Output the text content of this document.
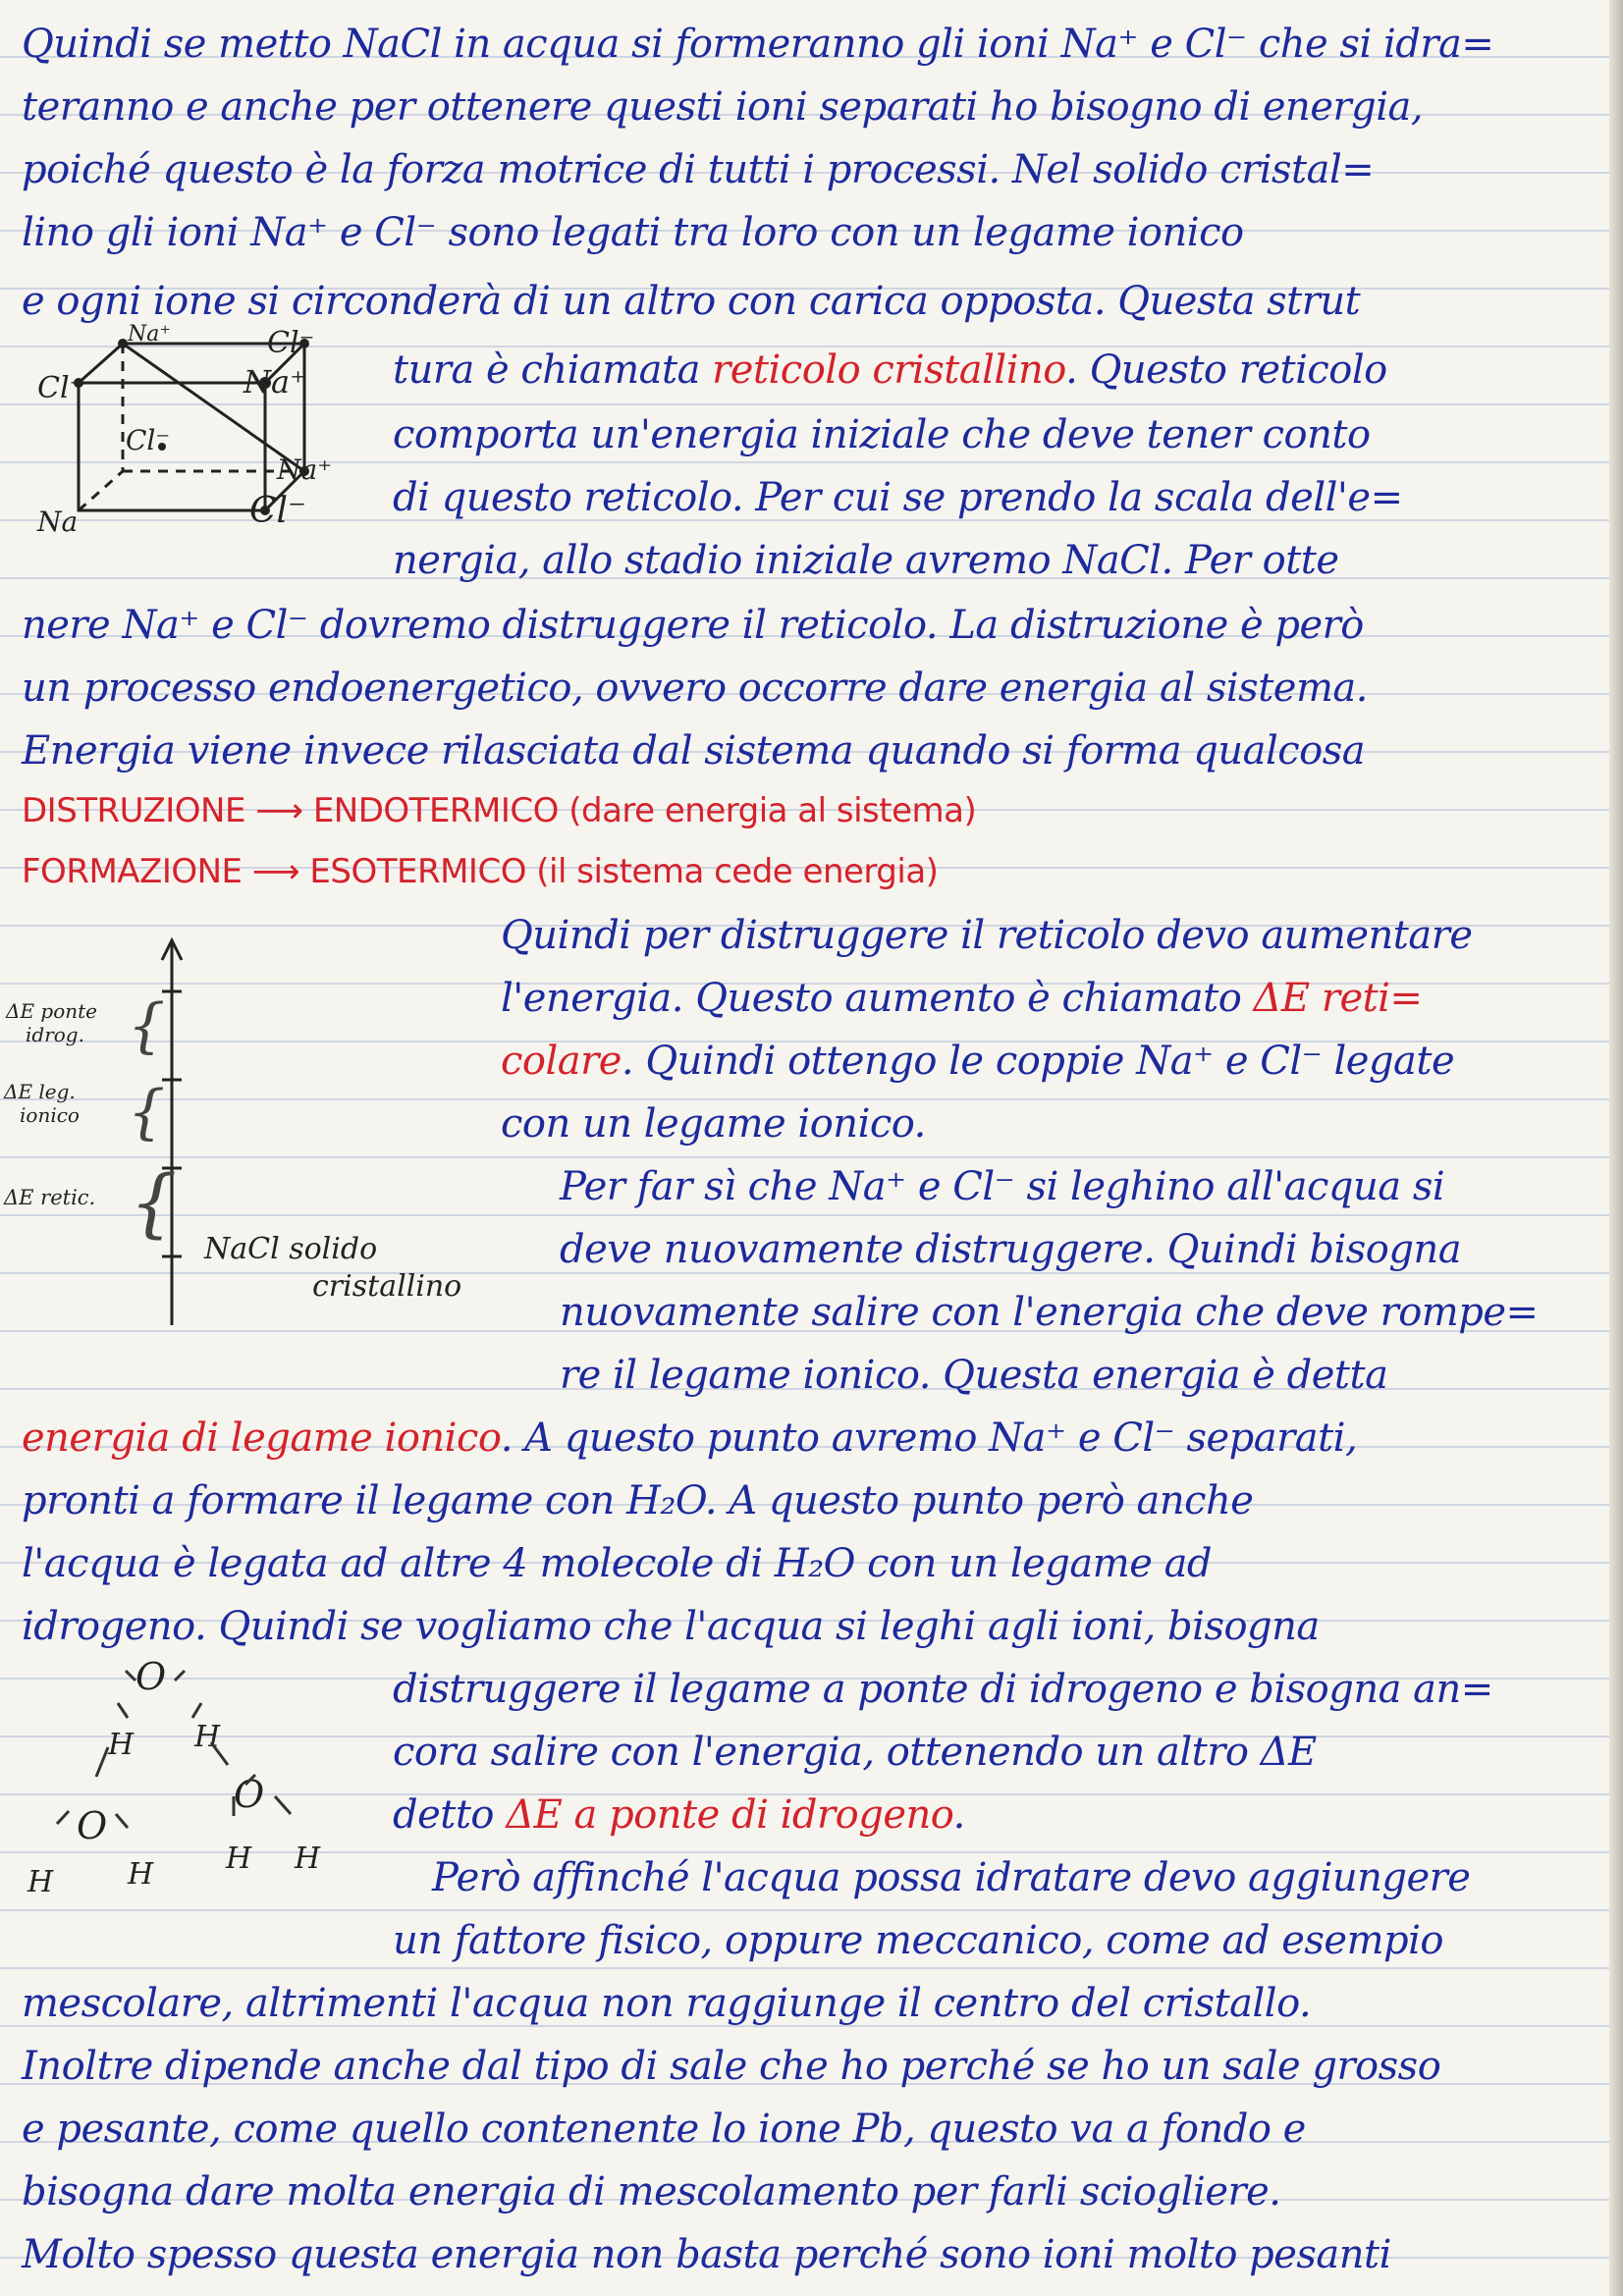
Quindi se metto NaCl in acqua si formeranno gli ioni Na⁺ e Cl⁻ che si idra=
teranno e anche per ottenere questi ioni separati ho bisogno di energia,
poiché questo è la forza motrice di tutti i processi. Nel solido cristal=
lino gli ioni Na⁺ e Cl⁻ sono legati tra loro con un legame ionico
e ogni ione si circonderà di un altro con carica opposta. Questa strut
tura è chiamata reticolo cristallino. Questo reticolo
comporta un'energia iniziale che deve tener conto
di questo reticolo. Per cui se prendo la scala dell'e=
nergia, allo stadio iniziale avremo NaCl. Per otte
nere Na⁺ e Cl⁻ dovremo distruggere il reticolo. La distruzione è però
un processo endoenergetico, ovvero occorre dare energia al sistema.
Energia viene invece rilasciata dal sistema quando si forma qualcosa
DISTRUZIONE ⟶ ENDOTERMICO (dare energia al sistema)
FORMAZIONE ⟶ ESOTERMICO (il sistema cede energia)
Quindi per distruggere il reticolo devo aumentare
l'energia. Questo aumento è chiamato ΔE reti=
colare. Quindi ottengo le coppie Na⁺ e Cl⁻ legate
con un legame ionico.
Per far sì che Na⁺ e Cl⁻ si leghino all'acqua si
deve nuovamente distruggere. Quindi bisogna
nuovamente salire con l'energia che deve rompe=
re il legame ionico. Questa energia è detta
energia di legame ionico. A questo punto avremo Na⁺ e Cl⁻ separati,
pronti a formare il legame con H₂O. A questo punto però anche
l'acqua è legata ad altre 4 molecole di H₂O con un legame ad
idrogeno. Quindi se vogliamo che l'acqua si leghi agli ioni, bisogna
distruggere il legame a ponte di idrogeno e bisogna an=
cora salire con l'energia, ottenendo un altro ΔE
detto ΔE a ponte di idrogeno.
Però affinché l'acqua possa idratare devo aggiungere
un fattore fisico, oppure meccanico, come ad esempio
mescolare, altrimenti l'acqua non raggiunge il centro del cristallo.
Inoltre dipende anche dal tipo di sale che ho perché se ho un sale grosso
e pesante, come quello contenente lo ione Pb, questo va a fondo e
bisogna dare molta energia di mescolamento per farli sciogliere.
Molto spesso questa energia non basta perché sono ioni molto pesanti
Na⁺	Cl⁻
Cl⁻	Na⁺
Cl⁻
Na⁺
Cl⁻
Na
ΔE ponte
idrog. {
ΔE leg.
ionico {
ΔE retic. {
NaCl solido
cristallino
O
H H
O
O
H	H H H
